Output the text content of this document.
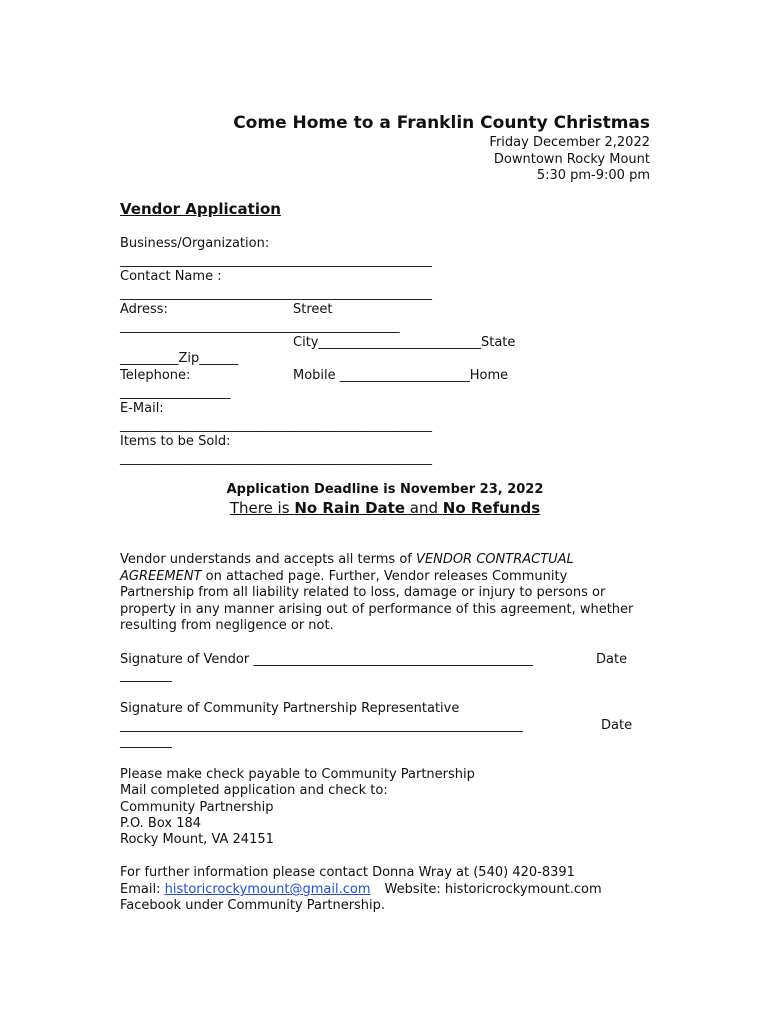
Come Home to a Franklin County Christmas
Friday December 2,2022
Downtown Rocky Mount
5:30 pm-9:00 pm
Vendor Application
Business/Organization:
________________________________________________
Contact Name :
________________________________________________
Adress:	Street
___________________________________________
City_________________________State
_________Zip______
Telephone:	Mobile ____________________Home
_________________
E-Mail:
________________________________________________
Items to be Sold:
________________________________________________
Application Deadline is November 23, 2022
There is No Rain Date and No Refunds
Vendor understands and accepts all terms of VENDOR CONTRACTUAL AGREEMENT on attached page. Further, Vendor releases Community Partnership from all liability related to loss, damage or injury to persons or property in any manner arising out of performance of this agreement, whether resulting from negligence or not.
Signature of Vendor ___________________________________________	Date
________
Signature of Community Partnership Representative
______________________________________________________________	Date
________
Please make check payable to Community Partnership
Mail completed application and check to:
Community Partnership
P.O. Box 184
Rocky Mount, VA 24151
For further information please contact Donna Wray at (540) 420-8391
Email: historicrockymount@gmail.com Website: historicrockymount.com
Facebook under Community Partnership.
